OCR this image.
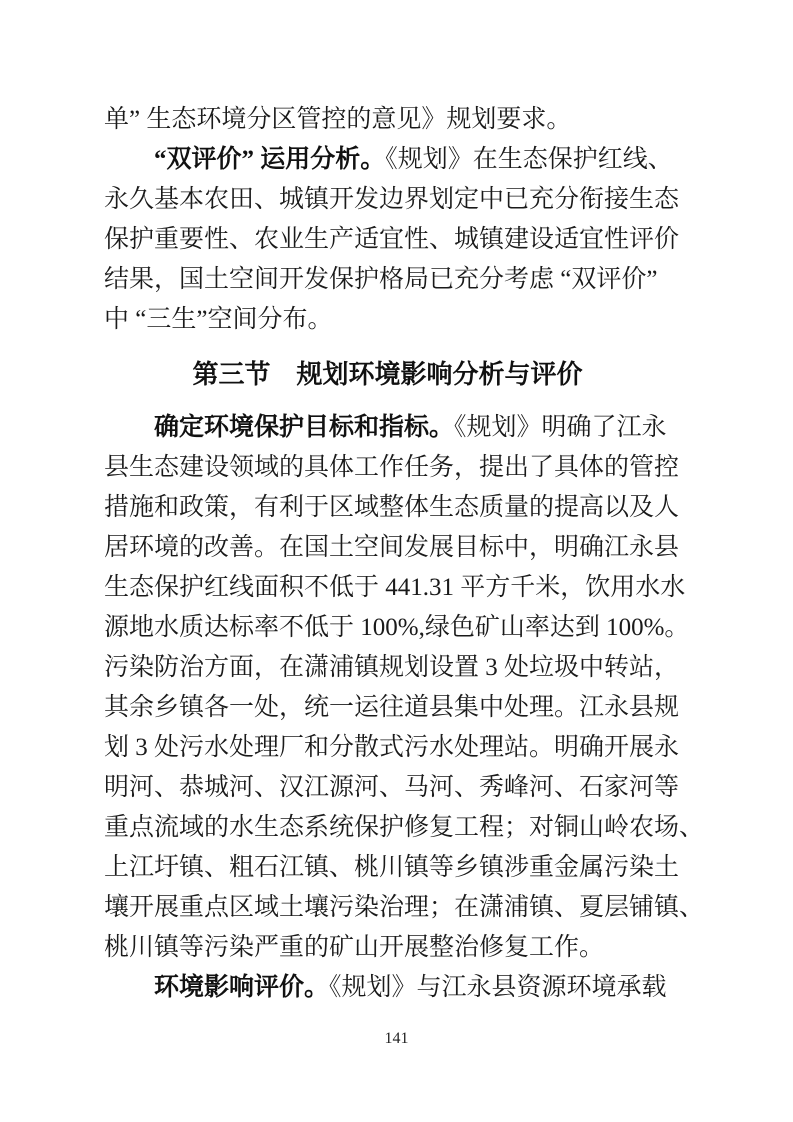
单” 生态环境分区管控的意见》规划要求。
“双评价” 运用分析。《规划》在生态保护红线、
永久基本农田、城镇开发边界划定中已充分衔接生态
保护重要性、农业生产适宜性、城镇建设适宜性评价
结果，国土空间开发保护格局已充分考虑 “双评价”
中 “三生”空间分布。
第三节　规划环境影响分析与评价
确定环境保护目标和指标。《规划》明确了江永
县生态建设领域的具体工作任务，提出了具体的管控
措施和政策，有利于区域整体生态质量的提高以及人
居环境的改善。在国土空间发展目标中，明确江永县
生态保护红线面积不低于 441.31 平方千米，饮用水水
源地水质达标率不低于 100%,绿色矿山率达到 100%。
污染防治方面，在潇浦镇规划设置 3 处垃圾中转站，
其余乡镇各一处，统一运往道县集中处理。江永县规
划 3 处污水处理厂和分散式污水处理站。明确开展永
明河、恭城河、汉江源河、马河、秀峰河、石家河等
重点流域的水生态系统保护修复工程；对铜山岭农场、
上江圩镇、粗石江镇、桃川镇等乡镇涉重金属污染土
壤开展重点区域土壤污染治理；在潇浦镇、夏层铺镇、
桃川镇等污染严重的矿山开展整治修复工作。
环境影响评价。《规划》与江永县资源环境承载
141
